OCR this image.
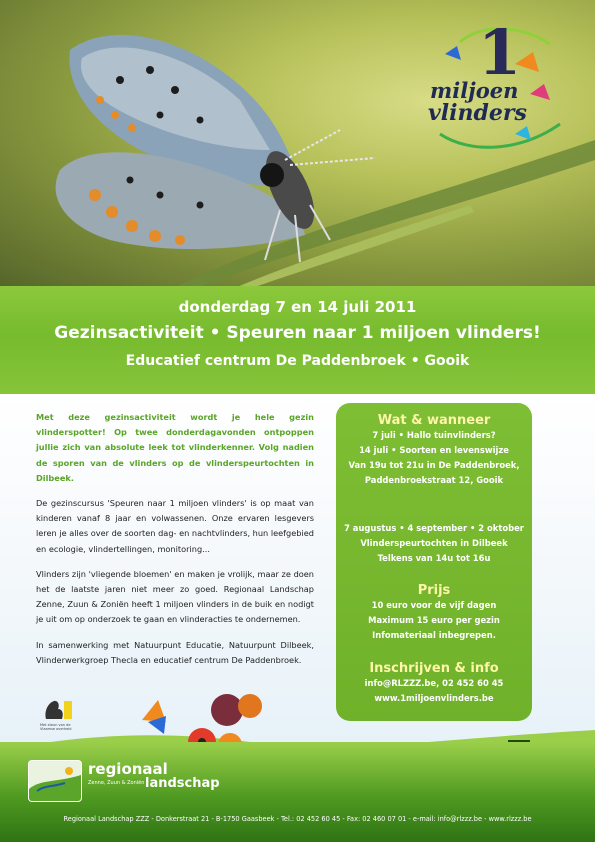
1
miljoen
vlinders
donderdag 7 en 14 juli 2011
Gezinsactiviteit • Speuren naar 1 miljoen vlinders!
Educatief centrum De Paddenbroek • Gooik

Met deze gezinsactiviteit wordt je hele gezin vlinderspotter! Op twee donderdagavonden ontpoppen jullie zich van absolute leek tot vlinderkenner. Volg nadien de sporen van de vlinders op de vlinderspeurtochten in Dilbeek.

De gezinscursus 'Speuren naar 1 miljoen vlinders' is op maat van kinderen vanaf 8 jaar en volwassenen. Onze ervaren lesgevers leren je alles over de soorten dag- en nachtvlinders, hun leefgebied en ecologie, vlindertellingen, monitoring...

Vlinders zijn 'vliegende bloemen' en maken je vrolijk, maar ze doen het de laatste jaren niet meer zo goed. Regionaal Landschap Zenne, Zuun & Zoniën heeft 1 miljoen vlinders in de buik en nodigt je uit om op onderzoek te gaan en vlinderacties te ondernemen.

In samenwerking met Natuurpunt Educatie, Natuurpunt Dilbeek, Vlinderwerkgroep Thecla en educatief centrum De Paddenbroek.

Wat & wanneer
7 juli • Hallo tuinvlinders?
14 juli • Soorten en levenswijze
Van 19u tot 21u in De Paddenbroek,
Paddenbroekstraat 12, Gooik
7 augustus • 4 september • 2 oktober
Vlinderspeurtochten in Dilbeek
Telkens van 14u tot 16u
Prijs
10 euro voor de vijf dagen
Maximum 15 euro per gezin
Infomateriaal inbegrepen.
Inschrijven & info
info@RLZZZ.be, 02 452 60 45
www.1miljoenvlinders.be
Met steun van de Vlaamse overheid
regionaal
landschap
Zenne, Zuun & Zoniën
Regionaal Landschap ZZZ - Donkerstraat 21 - B-1750 Gaasbeek - Tel.: 02 452 60 45 - Fax: 02 460 07 01 - e-mail: info@rlzzz.be - www.rlzzz.be
